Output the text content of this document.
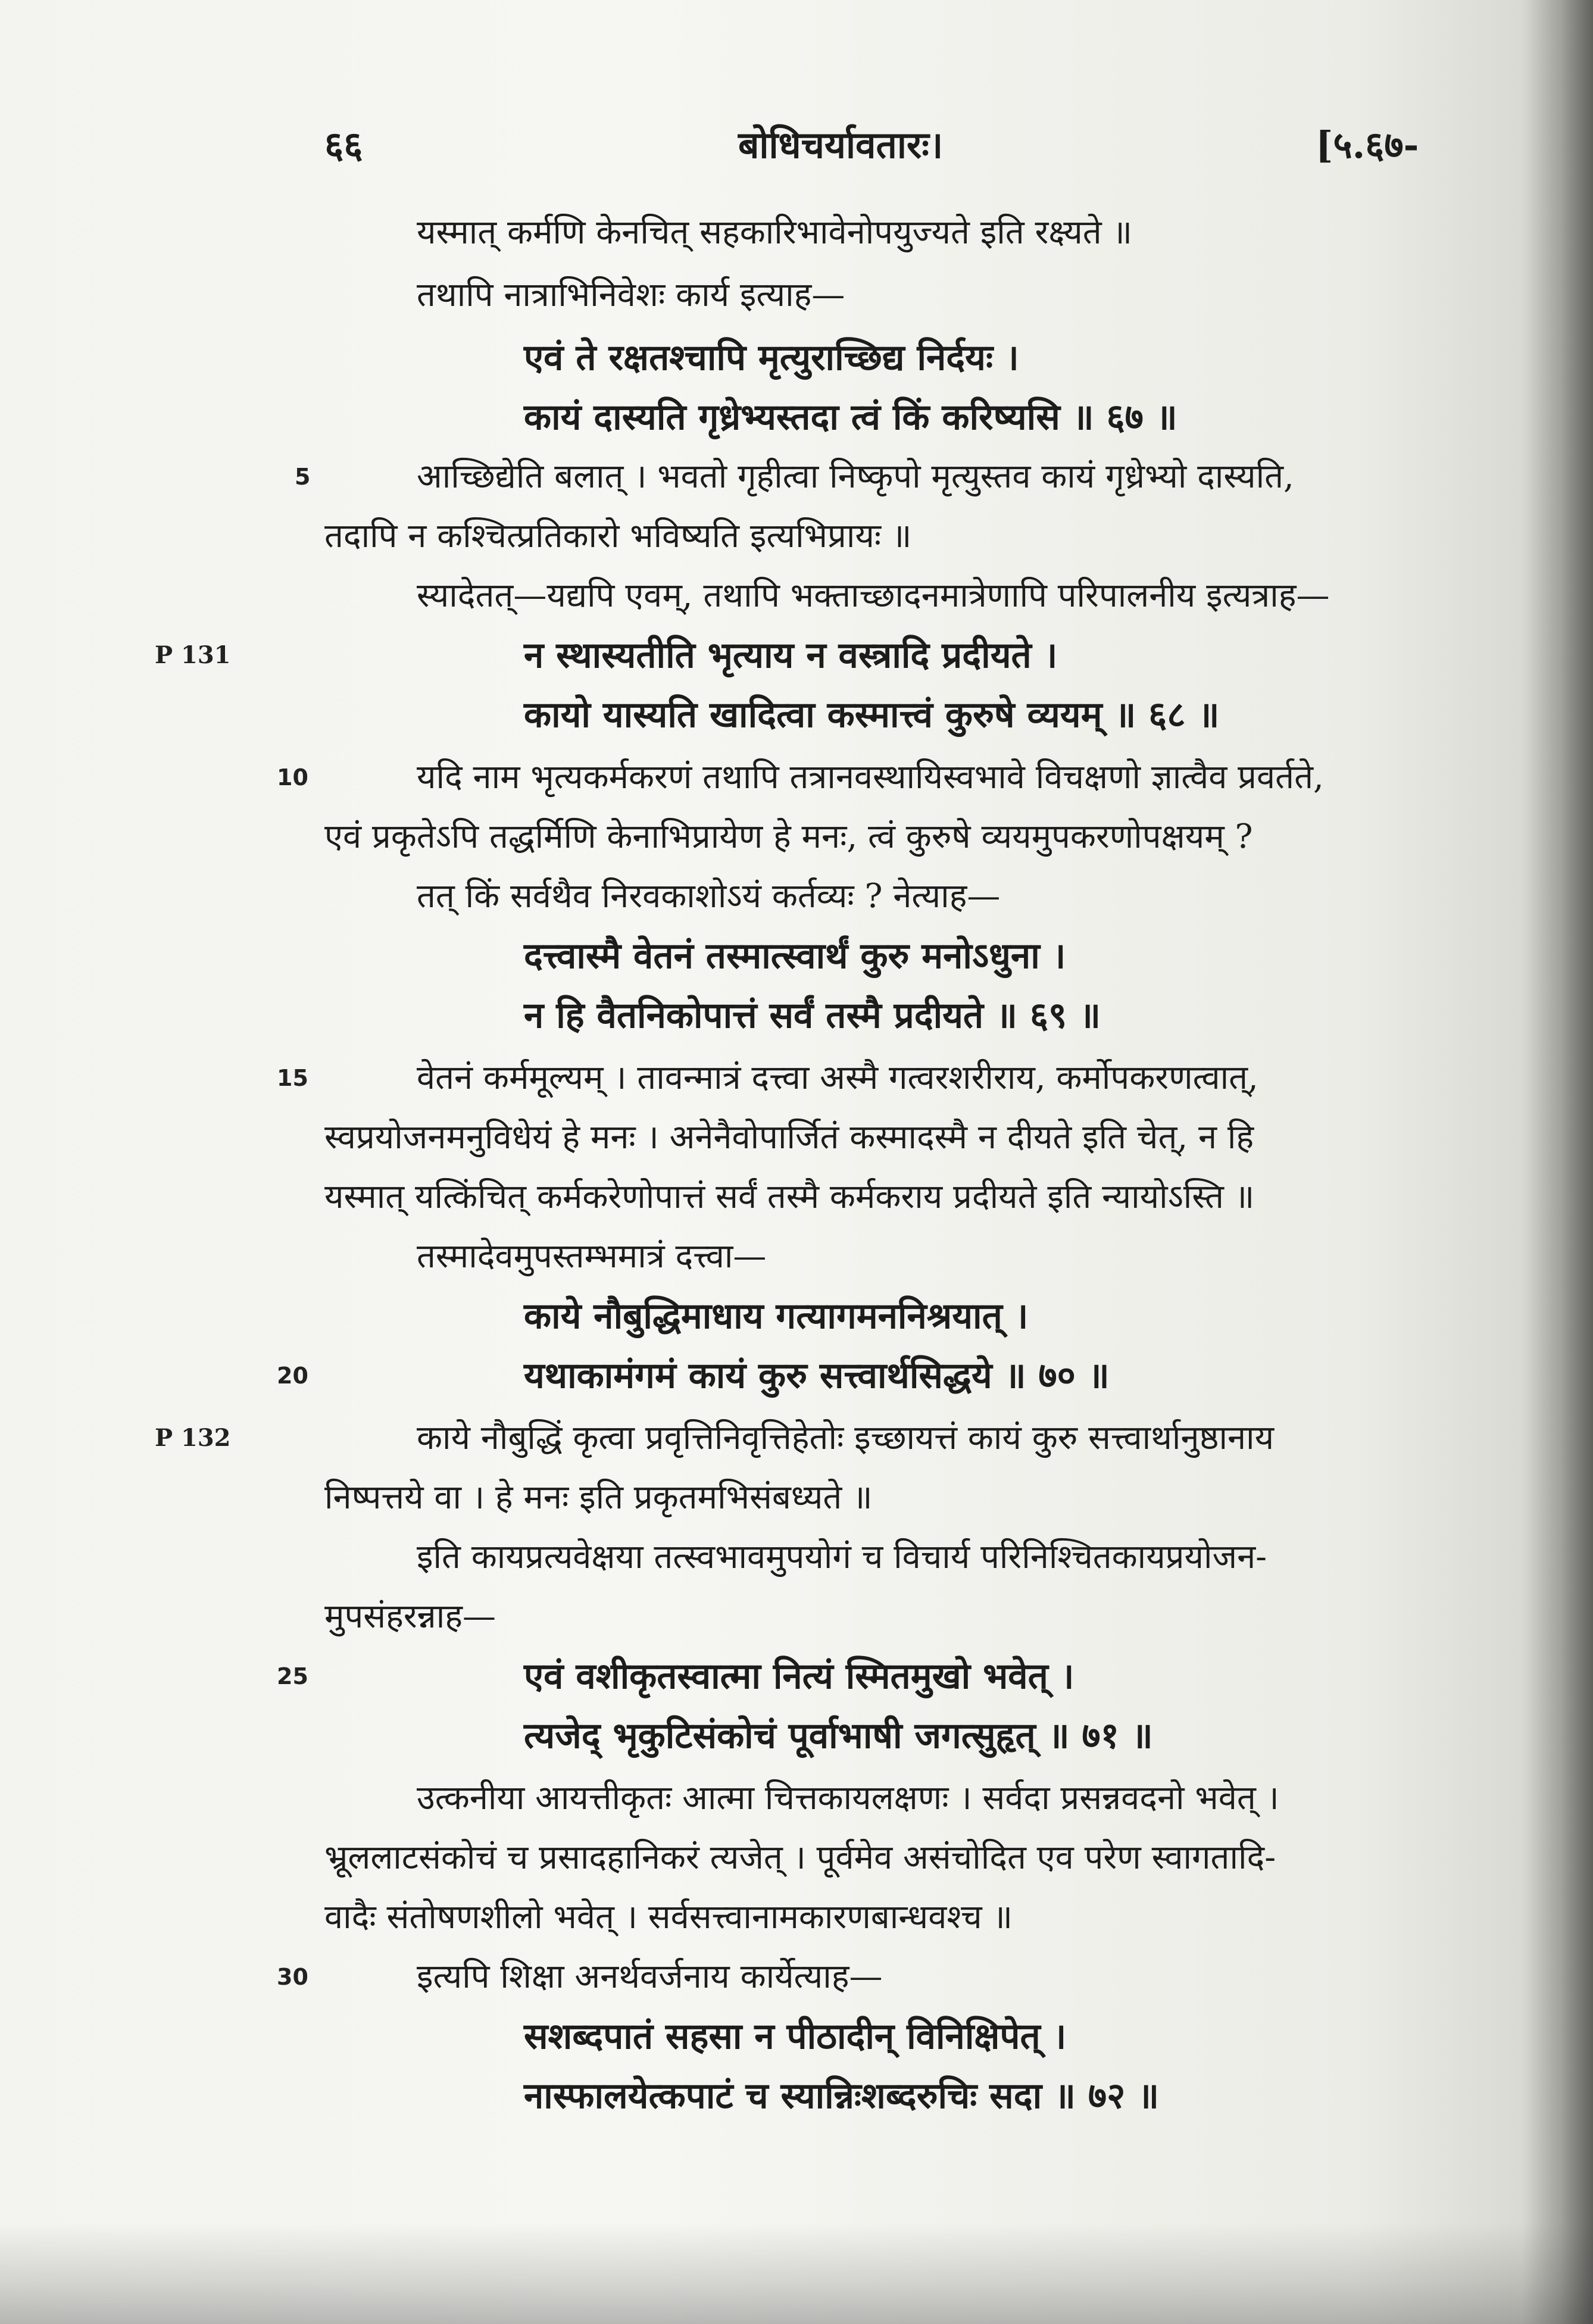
६६	बोधिचर्यावतारः।	[५.६७-
यस्मात् कर्मणि केनचित् सहकारिभावेनोपयुज्यते इति रक्ष्यते ॥
तथापि नात्राभिनिवेशः कार्य इत्याह—
एवं ते रक्षतश्चापि मृत्युराच्छिद्य निर्दयः ।
कायं दास्यति गृध्रेभ्यस्तदा त्वं किं करिष्यसि ॥ ६७ ॥
आच्छिद्येति बलात् । भवतो गृहीत्वा निष्कृपो मृत्युस्तव कायं गृध्रेभ्यो दास्यति,
तदापि न कश्चित्प्रतिकारो भविष्यति इत्यभिप्रायः ॥
स्यादेतत्—यद्यपि एवम्, तथापि भक्ताच्छादनमात्रेणापि परिपालनीय इत्यत्राह—
न स्थास्यतीति भृत्याय न वस्त्रादि प्रदीयते ।
कायो यास्यति खादित्वा कस्मात्त्वं कुरुषे व्ययम् ॥ ६८ ॥
यदि नाम भृत्यकर्मकरणं तथापि तत्रानवस्थायिस्वभावे विचक्षणो ज्ञात्वैव प्रवर्तते,
एवं प्रकृतेऽपि तद्धर्मिणि केनाभिप्रायेण हे मनः, त्वं कुरुषे व्ययमुपकरणोपक्षयम् ?
तत् किं सर्वथैव निरवकाशोऽयं कर्तव्यः ? नेत्याह—
दत्त्वास्मै वेतनं तस्मात्स्वार्थं कुरु मनोऽधुना ।
न हि वैतनिकोपात्तं सर्वं तस्मै प्रदीयते ॥ ६९ ॥
वेतनं कर्ममूल्यम् । तावन्मात्रं दत्त्वा अस्मै गत्वरशरीराय, कर्मोपकरणत्वात्,
स्वप्रयोजनमनुविधेयं हे मनः । अनेनैवोपार्जितं कस्मादस्मै न दीयते इति चेत्, न हि
यस्मात् यत्किंचित् कर्मकरेणोपात्तं सर्वं तस्मै कर्मकराय प्रदीयते इति न्यायोऽस्ति ॥
तस्मादेवमुपस्तम्भमात्रं दत्त्वा—
काये नौबुद्धिमाधाय गत्यागमननिश्रयात् ।
यथाकामंगमं कायं कुरु सत्त्वार्थसिद्धये ॥ ७० ॥
काये नौबुद्धिं कृत्वा प्रवृत्तिनिवृत्तिहेतोः इच्छायत्तं कायं कुरु सत्त्वार्थानुष्ठानाय
निष्पत्तये वा । हे मनः इति प्रकृतमभिसंबध्यते ॥
इति कायप्रत्यवेक्षया तत्स्वभावमुपयोगं च विचार्य परिनिश्चितकायप्रयोजन-
मुपसंहरन्नाह—
एवं वशीकृतस्वात्मा नित्यं स्मितमुखो भवेत् ।
त्यजेद् भृकुटिसंकोचं पूर्वाभाषी जगत्सुहृत् ॥ ७१ ॥
उत्कनीया आयत्तीकृतः आत्मा चित्तकायलक्षणः । सर्वदा प्रसन्नवदनो भवेत् ।
भ्रूललाटसंकोचं च प्रसादहानिकरं त्यजेत् । पूर्वमेव असंचोदित एव परेण स्वागतादि-
वादैः संतोषणशीलो भवेत् । सर्वसत्त्वानामकारणबान्धवश्च ॥
इत्यपि शिक्षा अनर्थवर्जनाय कार्येत्याह—
सशब्दपातं सहसा न पीठादीन् विनिक्षिपेत् ।
नास्फालयेत्कपाटं च स्यान्निःशब्दरुचिः सदा ॥ ७२ ॥
5
10
15
20
25
30
P 131
P 132
